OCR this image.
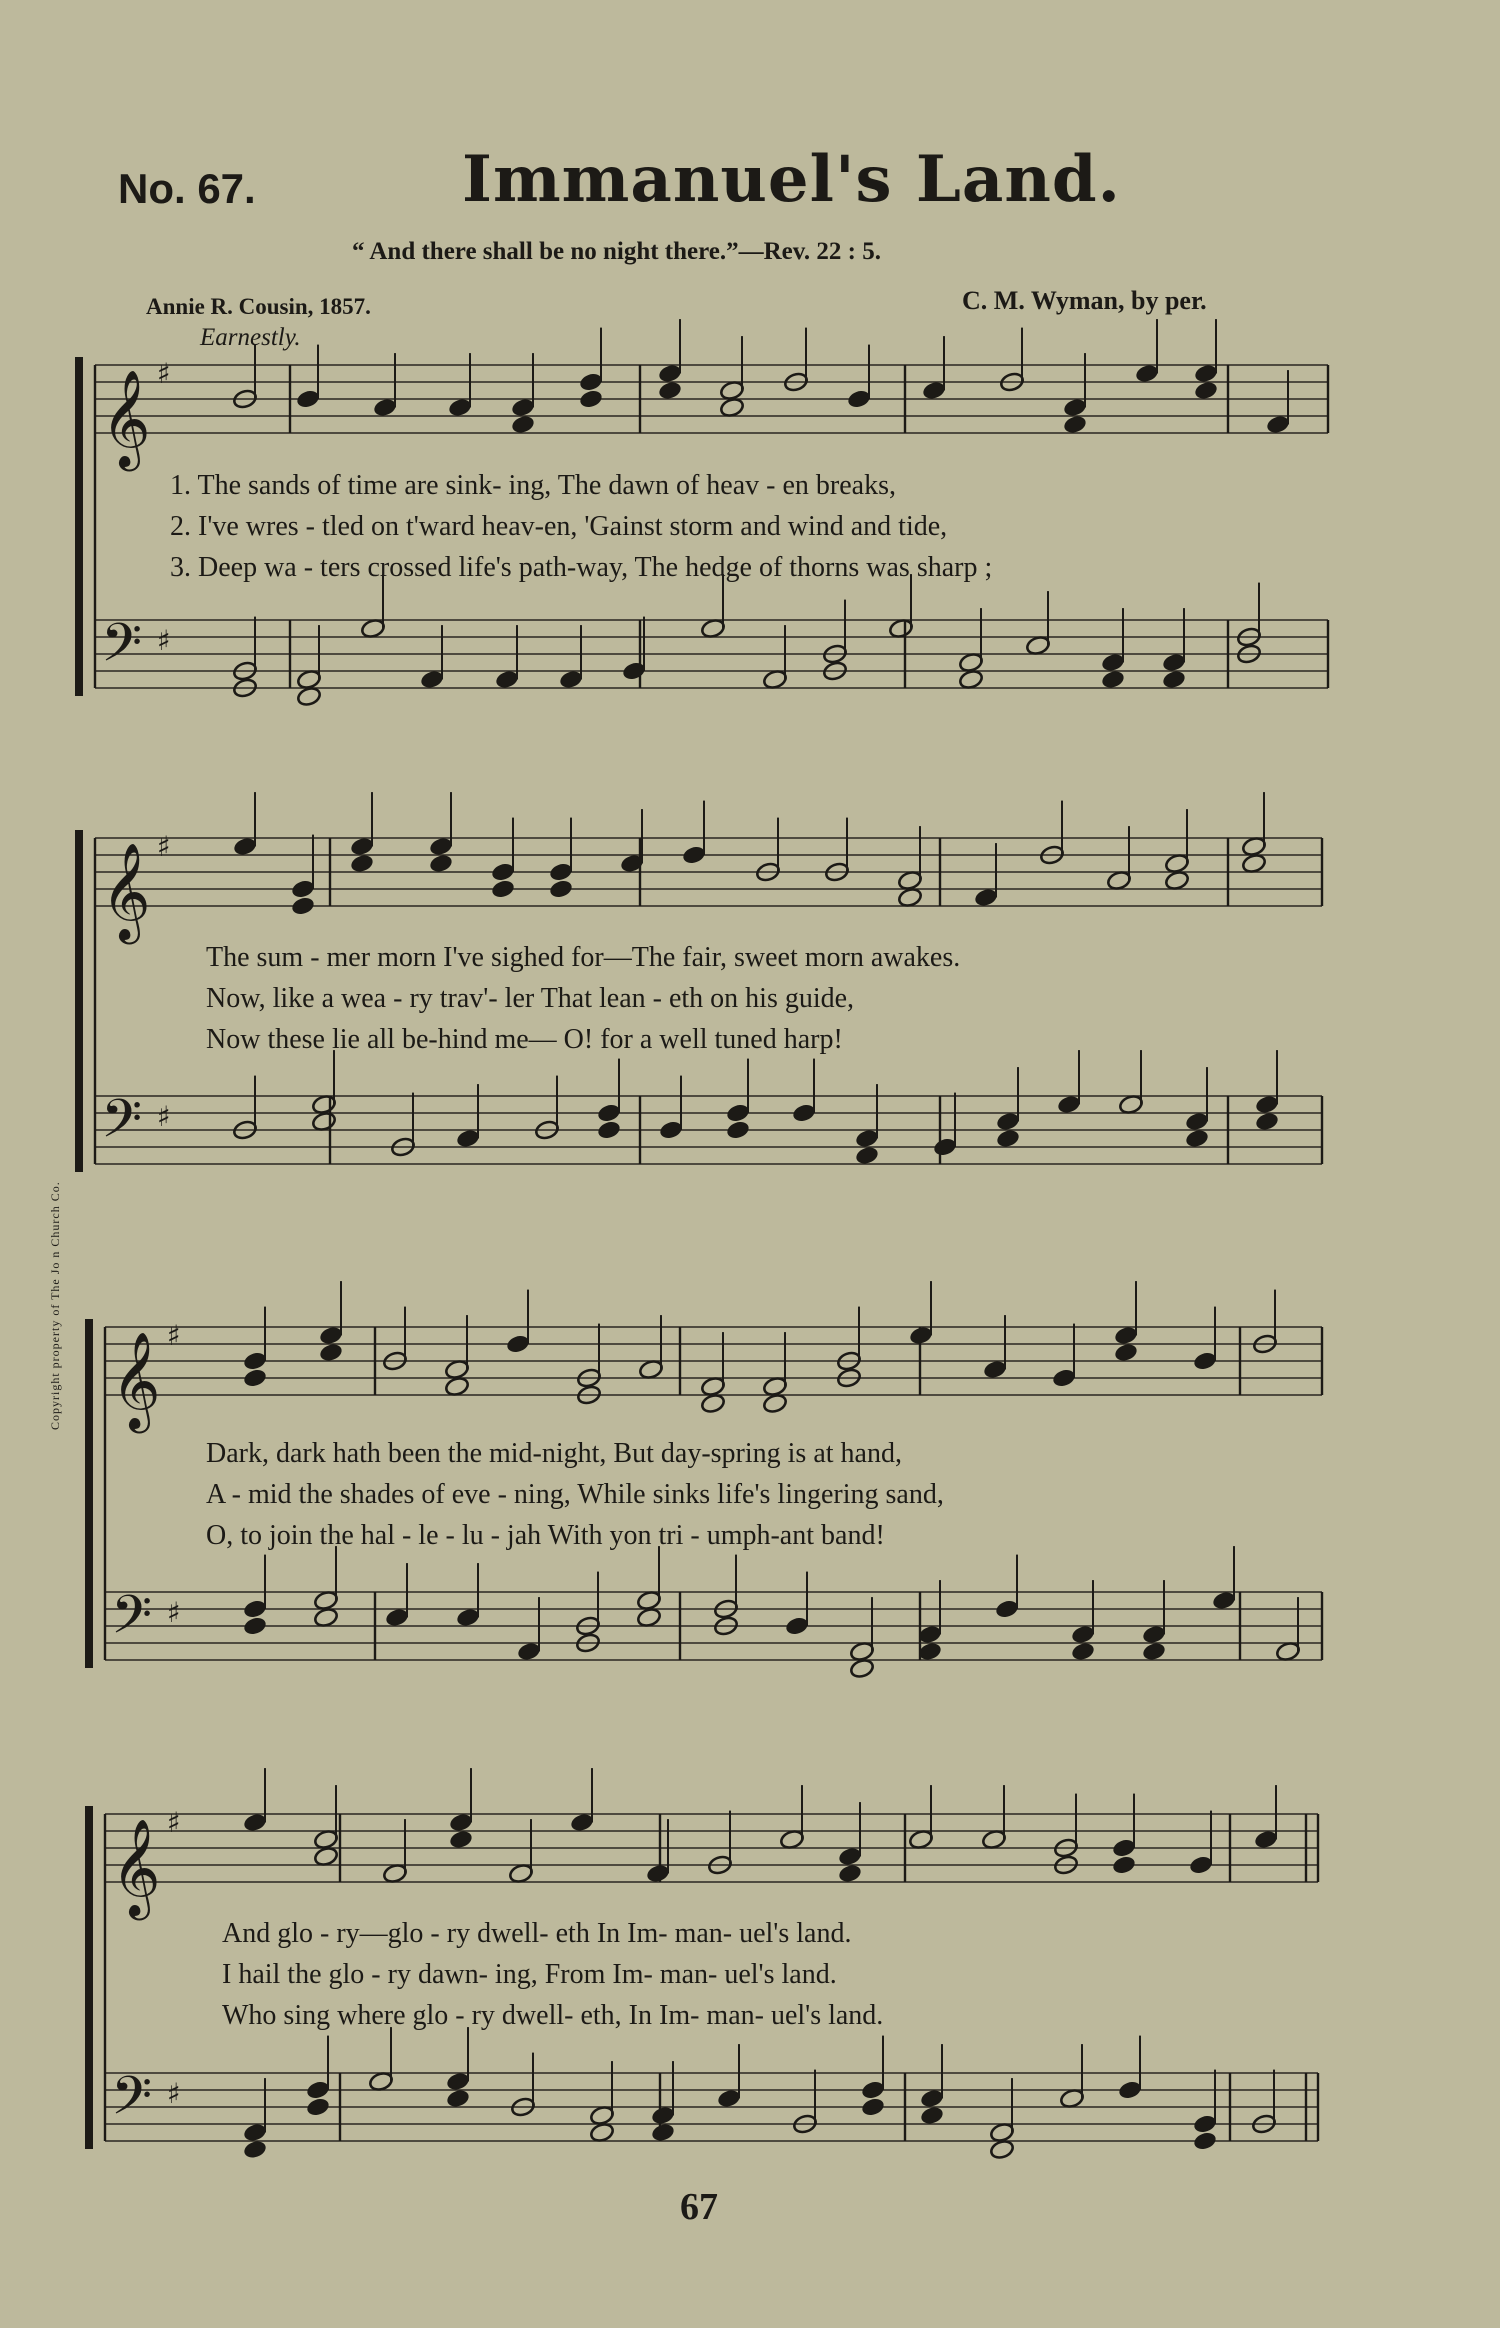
No. 67.	Immanuel's Land.
“ And there shall be no night there.”—Rev. 22 : 5.
Annie R. Cousin, 1857.	C. M. Wyman, by per.
Earnestly.
Copyright property of The Jo n Church Co.
𝄞
𝄢
♯
♯
𝄞
𝄢
♯
♯
𝄞
𝄢
♯
♯
𝄞
𝄢
♯
♯
1. The sands of time are sink- ing, The dawn of heav - en breaks,
2. I've wres - tled on t'ward heav-en, 'Gainst storm and wind and tide,
3. Deep wa - ters crossed life's path-way, The hedge of thorns was sharp ;
The sum - mer morn I've sighed for—The fair, sweet morn awakes.
Now, like a wea - ry trav'- ler That lean - eth on his guide,
Now these lie all be-hind me— O! for a well tuned harp!
Dark, dark hath been the mid-night, But day-spring is at hand,
A - mid the shades of eve - ning, While sinks life's lingering sand,
O, to join the hal - le - lu - jah With yon tri - umph-ant band!
And glo - ry—glo - ry dwell- eth In Im- man- uel's land.
I hail the glo - ry dawn- ing, From Im- man- uel's land.
Who sing where glo - ry dwell- eth, In Im- man- uel's land.
67
